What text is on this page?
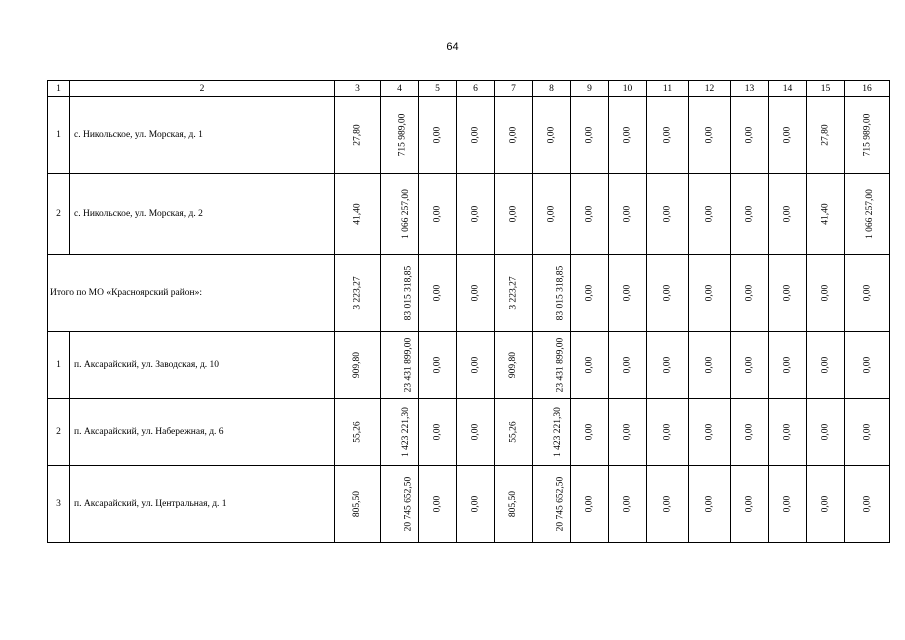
64
1	2	3	4	5	6	7	8	9	10	11	12	13	14	15	16
1	с. Никольское, ул. Морская, д. 1	27,80	715 989,00	0,00	0,00	0,00	0,00	0,00	0,00	0,00	0,00	0,00	0,00	27,80	715 989,00
2	с. Никольское, ул. Морская, д. 2	41,40	1 066 257,00	0,00	0,00	0,00	0,00	0,00	0,00	0,00	0,00	0,00	0,00	41,40	1 066 257,00
Итого по МО «Красноярский район»:		3 223,27	83 015 318,85	0,00	0,00	3 223,27	83 015 318,85	0,00	0,00	0,00	0,00	0,00	0,00	0,00	0,00
1	п. Аксарайский, ул. Заводская, д. 10	909,80	23 431 899,00	0,00	0,00	909,80	23 431 899,00	0,00	0,00	0,00	0,00	0,00	0,00	0,00	0,00
2	п. Аксарайский, ул. Набережная, д. 6	55,26	1 423 221,30	0,00	0,00	55,26	1 423 221,30	0,00	0,00	0,00	0,00	0,00	0,00	0,00	0,00
3	п. Аксарайский, ул. Центральная, д. 1	805,50	20 745 652,50	0,00	0,00	805,50	20 745 652,50	0,00	0,00	0,00	0,00	0,00	0,00	0,00	0,00
